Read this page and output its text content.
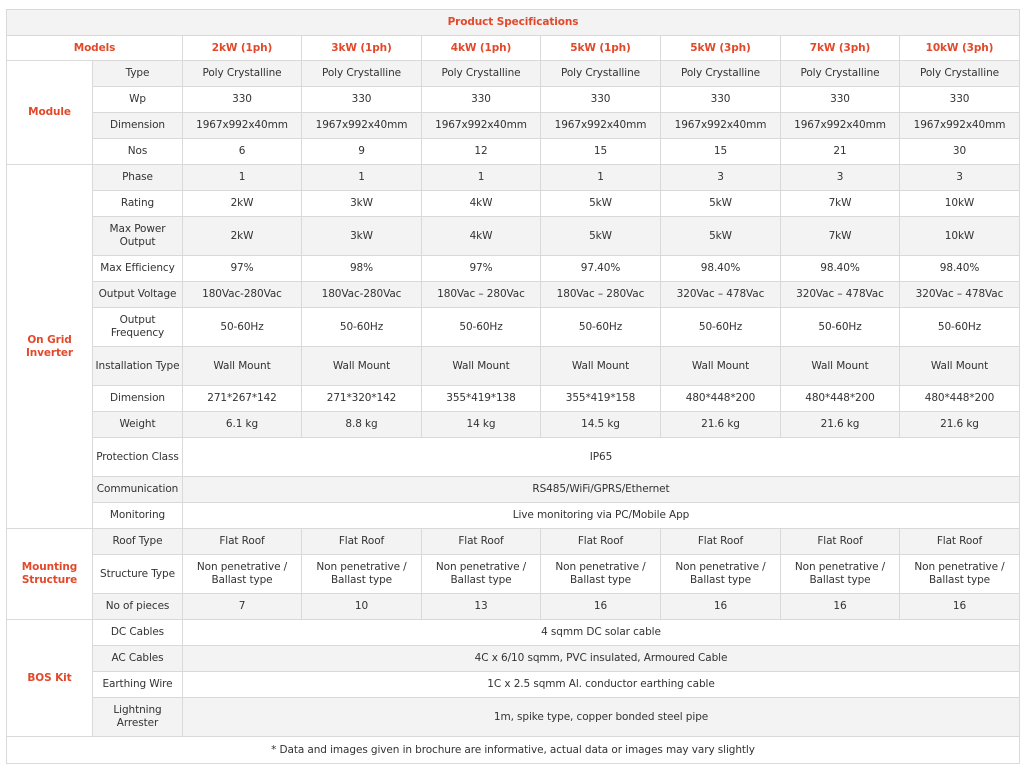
Product Specifications								
Models		2kW (1ph)	3kW (1ph)	4kW (1ph)	5kW (1ph)	5kW (3ph)	7kW (3ph)	10kW (3ph)
Module	Type	Poly Crystalline	Poly Crystalline	Poly Crystalline	Poly Crystalline	Poly Crystalline	Poly Crystalline	Poly Crystalline
	Wp	330	330	330	330	330	330	330
	Dimension	1967x992x40mm	1967x992x40mm	1967x992x40mm	1967x992x40mm	1967x992x40mm	1967x992x40mm	1967x992x40mm
	Nos	6	9	12	15	15	21	30
On Grid Inverter	Phase	1	1	1	1	3	3	3
	Rating	2kW	3kW	4kW	5kW	5kW	7kW	10kW
	Max Power Output	2kW	3kW	4kW	5kW	5kW	7kW	10kW
	Max Efficiency	97%	98%	97%	97.40%	98.40%	98.40%	98.40%
	Output Voltage	180Vac-280Vac	180Vac-280Vac	180Vac – 280Vac	180Vac – 280Vac	320Vac – 478Vac	320Vac – 478Vac	320Vac – 478Vac
	Output Frequency	50-60Hz	50-60Hz	50-60Hz	50-60Hz	50-60Hz	50-60Hz	50-60Hz
	Installation Type	Wall Mount	Wall Mount	Wall Mount	Wall Mount	Wall Mount	Wall Mount	Wall Mount
	Dimension	271*267*142	271*320*142	355*419*138	355*419*158	480*448*200	480*448*200	480*448*200
	Weight	6.1 kg	8.8 kg	14 kg	14.5 kg	21.6 kg	21.6 kg	21.6 kg
	Protection Class	IP65						
	Communication	RS485/WiFi/GPRS/Ethernet						
	Monitoring	Live monitoring via PC/Mobile App						
Mounting Structure	Roof Type	Flat Roof	Flat Roof	Flat Roof	Flat Roof	Flat Roof	Flat Roof	Flat Roof
	Structure Type	Non penetrative / Ballast type	Non penetrative / Ballast type	Non penetrative / Ballast type	Non penetrative / Ballast type	Non penetrative / Ballast type	Non penetrative / Ballast type	Non penetrative / Ballast type
	No of pieces	7	10	13	16	16	16	16
BOS Kit	DC Cables	4 sqmm DC solar cable						
	AC Cables	4C x 6/10 sqmm, PVC insulated, Armoured Cable						
	Earthing Wire	1C x 2.5 sqmm Al. conductor earthing cable						
	Lightning Arrester	1m, spike type, copper bonded steel pipe						
* Data and images given in brochure are informative, actual data or images may vary slightly								
